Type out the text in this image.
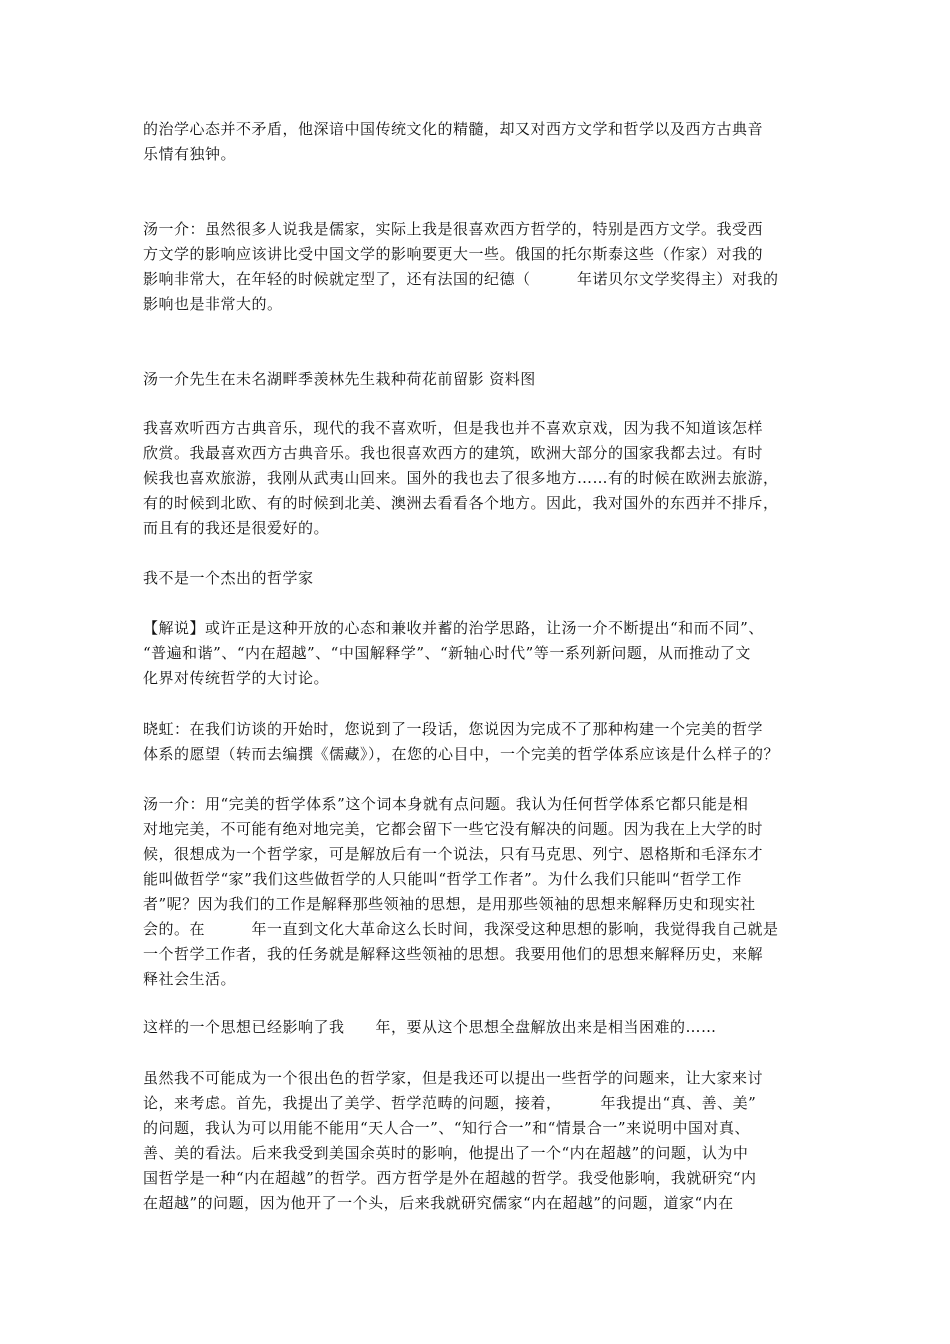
的治学心态并不矛盾，他深谙中国传统文化的精髓，却又对西方文学和哲学以及西方古典音
乐情有独钟。

汤一介：虽然很多人说我是儒家，实际上我是很喜欢西方哲学的，特别是西方文学。我受西
方文学的影响应该讲比受中国文学的影响要更大一些。俄国的托尔斯泰这些（作家）对我的
影响非常大，在年轻的时候就定型了，还有法国的纪德（　　　年诺贝尔文学奖得主）对我的
影响也是非常大的。

汤一介先生在未名湖畔季羡林先生栽种荷花前留影 资料图

我喜欢听西方古典音乐，现代的我不喜欢听，但是我也并不喜欢京戏，因为我不知道该怎样
欣赏。我最喜欢西方古典音乐。我也很喜欢西方的建筑，欧洲大部分的国家我都去过。有时
候我也喜欢旅游，我刚从武夷山回来。国外的我也去了很多地方……有的时候在欧洲去旅游，
有的时候到北欧、有的时候到北美、澳洲去看看各个地方。因此，我对国外的东西并不排斥，
而且有的我还是很爱好的。

我不是一个杰出的哲学家

【解说】或许正是这种开放的心态和兼收并蓄的治学思路，让汤一介不断提出“和而不同”、
“普遍和谐”、“内在超越”、“中国解释学”、“新轴心时代”等一系列新问题，从而推动了文
化界对传统哲学的大讨论。

晓虹：在我们访谈的开始时，您说到了一段话，您说因为完成不了那种构建一个完美的哲学
体系的愿望（转而去编撰《儒藏》），在您的心目中，一个完美的哲学体系应该是什么样子的？

汤一介：用“完美的哲学体系”这个词本身就有点问题。我认为任何哲学体系它都只能是相
对地完美，不可能有绝对地完美，它都会留下一些它没有解决的问题。因为我在上大学的时
候，很想成为一个哲学家，可是解放后有一个说法，只有马克思、列宁、恩格斯和毛泽东才
能叫做哲学“家”我们这些做哲学的人只能叫“哲学工作者”。为什么我们只能叫“哲学工作
者”呢？因为我们的工作是解释那些领袖的思想，是用那些领袖的思想来解释历史和现实社
会的。在　　　年一直到文化大革命这么长时间，我深受这种思想的影响，我觉得我自己就是
一个哲学工作者，我的任务就是解释这些领袖的思想。我要用他们的思想来解释历史，来解
释社会生活。

这样的一个思想已经影响了我　　年，要从这个思想全盘解放出来是相当困难的……

虽然我不可能成为一个很出色的哲学家，但是我还可以提出一些哲学的问题来，让大家来讨
论，来考虑。首先，我提出了美学、哲学范畴的问题，接着，　　　年我提出“真、善、美”
的问题，我认为可以用能不能用“天人合一”、“知行合一”和“情景合一”来说明中国对真、
善、美的看法。后来我受到美国余英时的影响，他提出了一个“内在超越”的问题，认为中
国哲学是一种“内在超越”的哲学。西方哲学是外在超越的哲学。我受他影响，我就研究“内
在超越”的问题，因为他开了一个头，后来我就研究儒家“内在超越”的问题，道家“内在
